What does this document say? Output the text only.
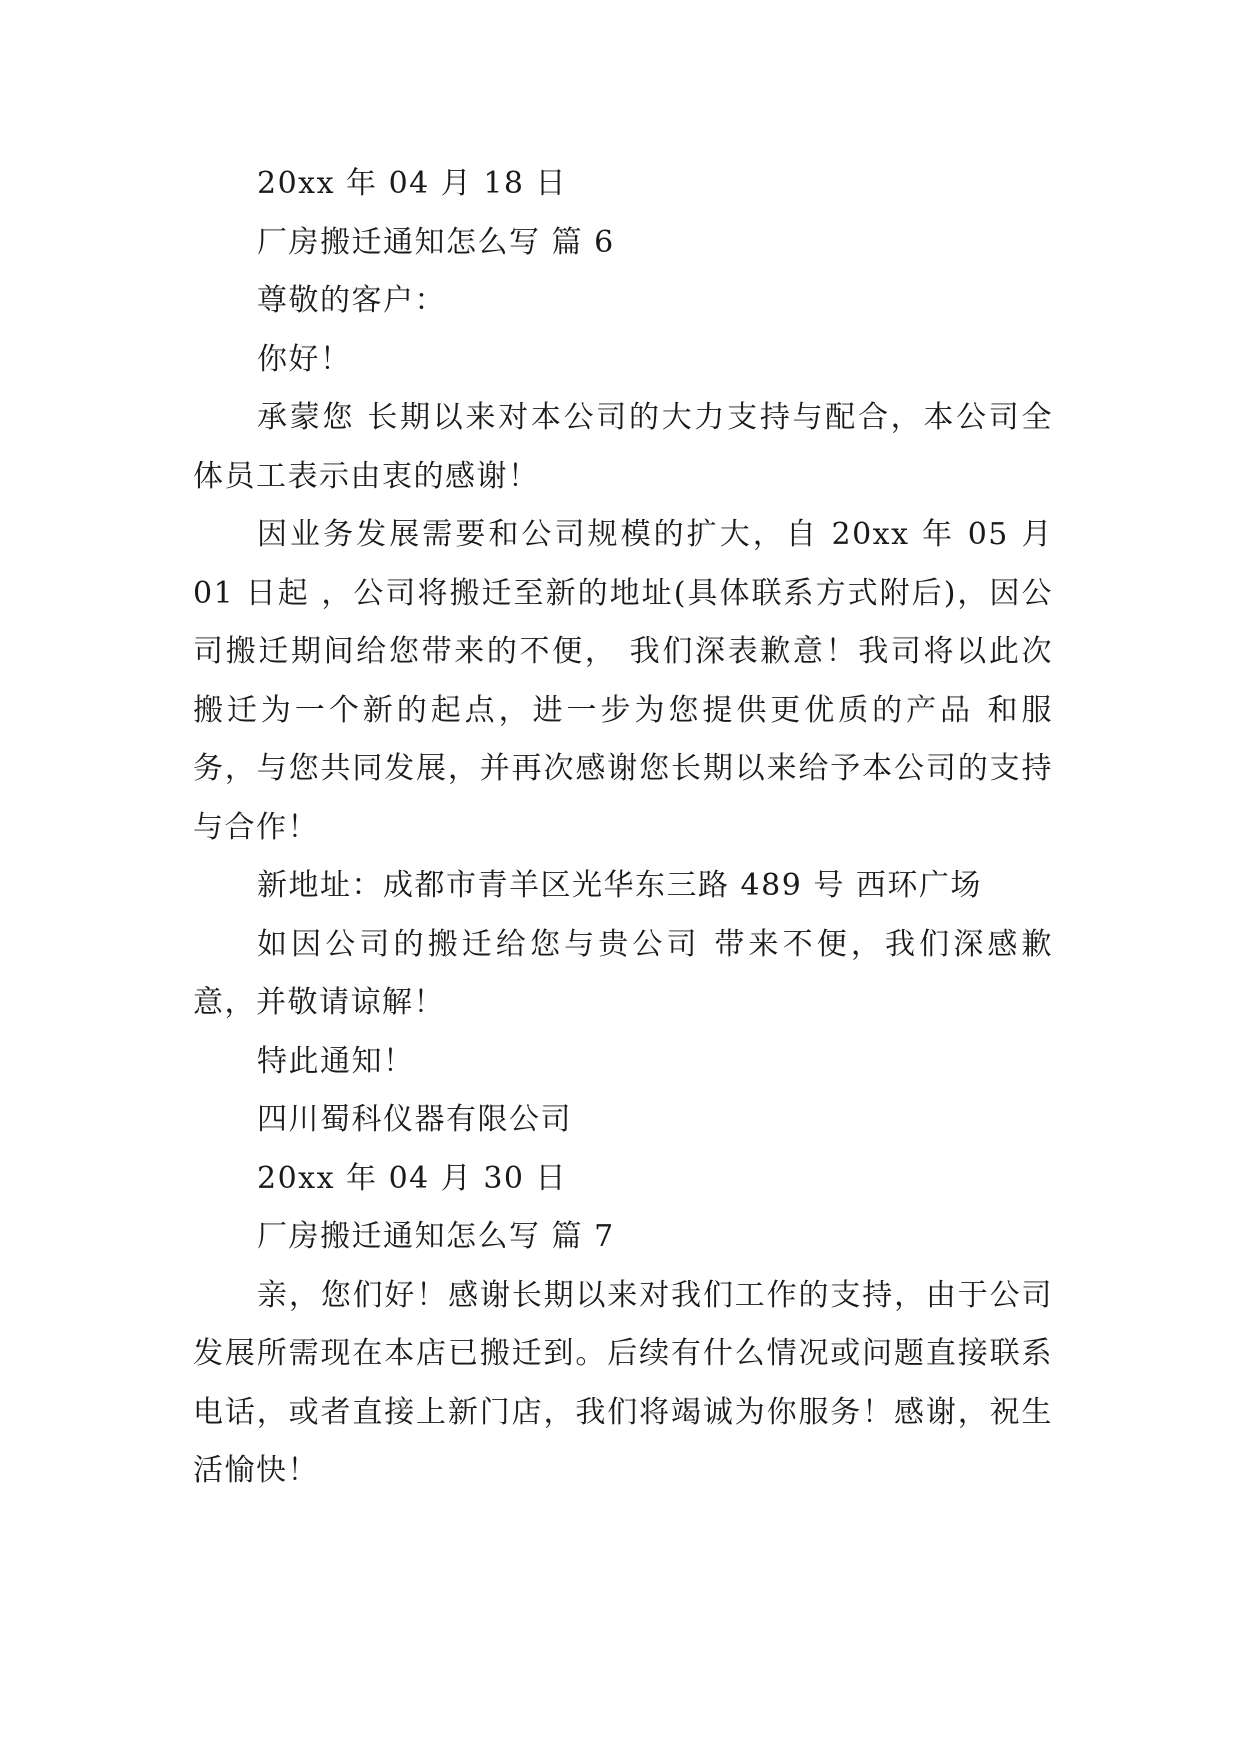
20xx 年 04 月 18 日

厂房搬迁通知怎么写 篇 6

尊敬的客户：

你好！

承蒙您 长期以来对本公司的大力支持与配合，本公司全体员工表示由衷的感谢！

因业务发展需要和公司规模的扩大，自 20xx 年 05 月 01 日起 ，公司将搬迁至新的地址(具体联系方式附后)，因公司搬迁期间给您带来的不便， 我们深表歉意！我司将以此次搬迁为一个新的起点，进一步为您提供更优质的产品 和服务，与您共同发展，并再次感谢您长期以来给予本公司的支持与合作！

新地址：成都市青羊区光华东三路 489 号 西环广场

如因公司的搬迁给您与贵公司 带来不便，我们深感歉意，并敬请谅解！

特此通知！

四川蜀科仪器有限公司

20xx 年 04 月 30 日

厂房搬迁通知怎么写 篇 7

亲，您们好！感谢长期以来对我们工作的支持，由于公司发展所需现在本店已搬迁到。后续有什么情况或问题直接联系电话，或者直接上新门店，我们将竭诚为你服务！感谢，祝生活愉快！
